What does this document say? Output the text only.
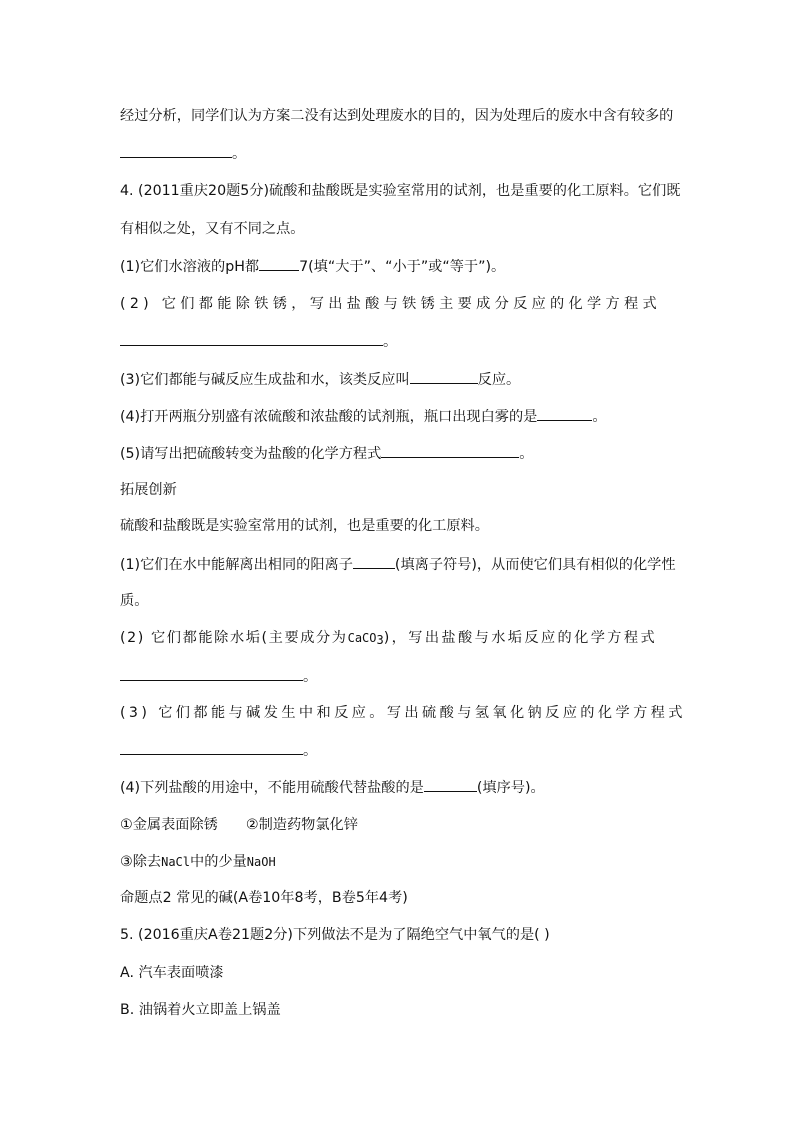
经过分析，同学们认为方案二没有达到处理废水的目的，因为处理后的废水中含有较多的
。
4. (2011重庆20题5分)硫酸和盐酸既是实验室常用的试剂，也是重要的化工原料。它们既
有相似之处，又有不同之点。
(1)它们水溶液的pH都	7(填“大于”、“小于”或“等于”)。
(2) 它们都能除铁锈，写出盐酸与铁锈主要成分反应的化学方程式
。
(3)它们都能与碱反应生成盐和水，该类反应叫	反应。
(4)打开两瓶分别盛有浓硫酸和浓盐酸的试剂瓶，瓶口出现白雾的是	。
(5)请写出把硫酸转变为盐酸的化学方程式	。
拓展创新
硫酸和盐酸既是实验室常用的试剂，也是重要的化工原料。
(1)它们在水中能解离出相同的阳离子	(填离子符号)，从而使它们具有相似的化学性
质。
(2) 它们都能除水垢(主要成分为CaCO$_3$)，写出盐酸与水垢反应的化学方程式
。
(3) 它们都能与碱发生中和反应。写出硫酸与氢氧化钠反应的化学方程式
。
(4)下列盐酸的用途中，不能用硫酸代替盐酸的是	(填序号)。
①金属表面除锈 ②制造药物氯化锌
③除去NaCl中的少量NaOH
命题点2 常见的碱(A卷10年8考，B卷5年4考)
5. (2016重庆A卷21题2分)下列做法不是为了隔绝空气中氧气的是( )
A. 汽车表面喷漆
B. 油锅着火立即盖上锅盖
